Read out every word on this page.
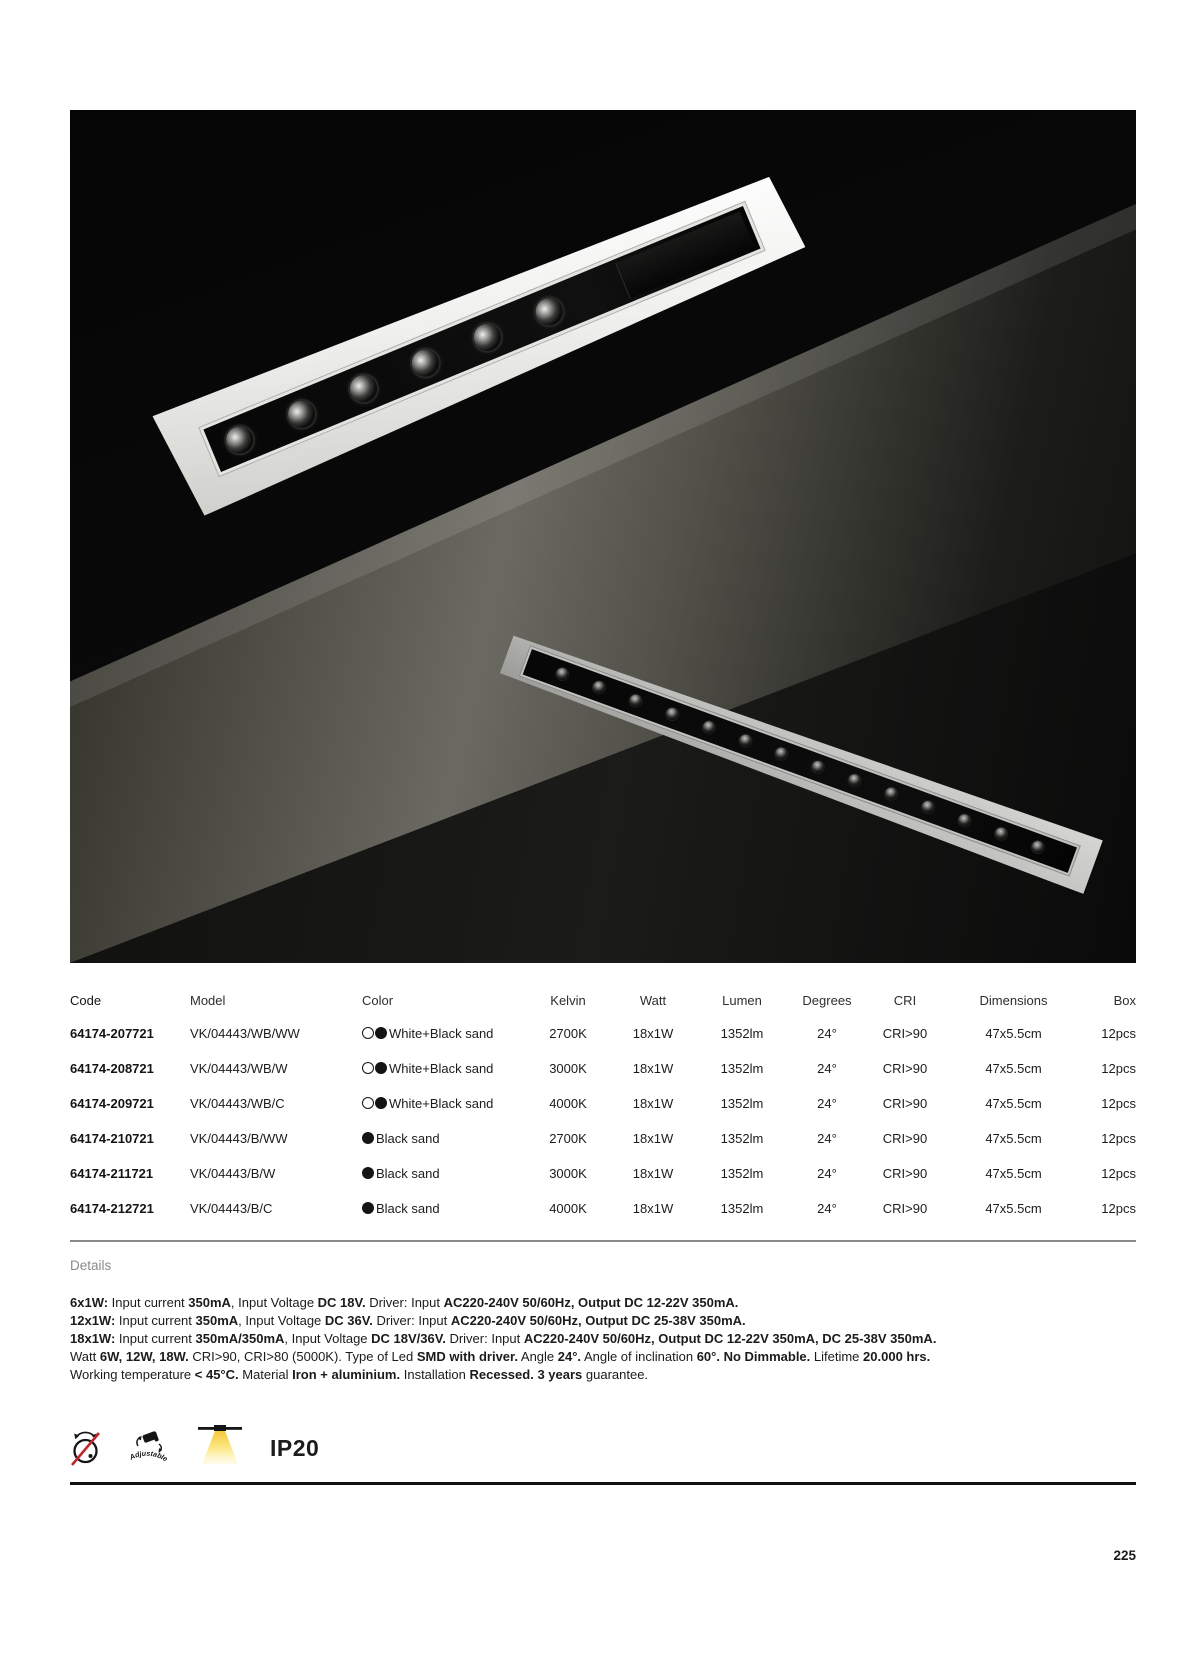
Code	Model	Color	Kelvin	Watt	Lumen	Degrees	CRI	Dimensions	Box
64174-207721	VK/04443/WB/WW	White+Black sand	2700K	18x1W	1352lm	24°	CRI>90	47x5.5cm	12pcs
64174-208721	VK/04443/WB/W	White+Black sand	3000K	18x1W	1352lm	24°	CRI>90	47x5.5cm	12pcs
64174-209721	VK/04443/WB/C	White+Black sand	4000K	18x1W	1352lm	24°	CRI>90	47x5.5cm	12pcs
64174-210721	VK/04443/B/WW	Black sand	2700K	18x1W	1352lm	24°	CRI>90	47x5.5cm	12pcs
64174-211721	VK/04443/B/W	Black sand	3000K	18x1W	1352lm	24°	CRI>90	47x5.5cm	12pcs
64174-212721	VK/04443/B/C	Black sand	4000K	18x1W	1352lm	24°	CRI>90	47x5.5cm	12pcs
Details
6x1W: Input current 350mA, Input Voltage DC 18V. Driver: Input AC220-240V 50/60Hz, Output DC 12-22V 350mA.
12x1W: Input current 350mA, Input Voltage DC 36V. Driver: Input AC220-240V 50/60Hz, Output DC 25-38V 350mA.
18x1W: Input current 350mA/350mA, Input Voltage DC 18V/36V. Driver: Input AC220-240V 50/60Hz, Output DC 12-22V 350mA, DC 25-38V 350mA.
Watt 6W, 12W, 18W. CRI>90, CRI>80 (5000K). Type of Led SMD with driver. Angle 24°. Angle of inclination 60°. No Dimmable. Lifetime 20.000 hrs.
Working temperature < 45°C. Material Iron + aluminium. Installation Recessed. 3 years guarantee.
Adjustable	IP20
225
